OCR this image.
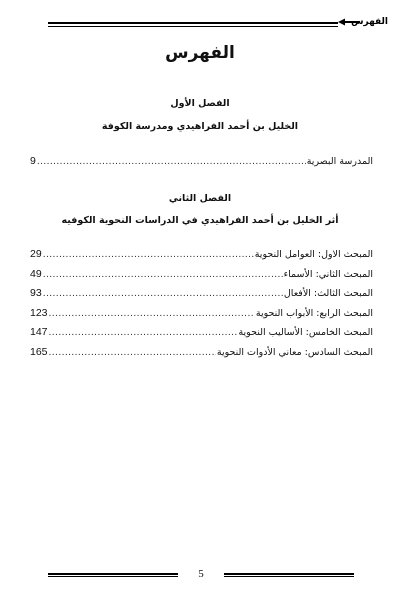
الفهرس
الفهرس
الفصل الأول
الخليل بن أحمد الفراهيدي ومدرسة الكوفة
المدرسة البصرية
.....
9
الفصل الثاني
أثر الخليل بن أحمد الفراهيدي في الدراسات النحوية الكوفيه
المبحث الاول: العوامل النحوية
.....
29
المبحث الثاني: الأسماء
.....
49
المبحث الثالث: الأفعال
.....
93
المبحث الرابع: الأبواب النحوية
.....
123
المبحث الخامس: الأساليب النحوية
.....
147
المبحث السادس: معاني الأدوات النحوية
.....
165
5
